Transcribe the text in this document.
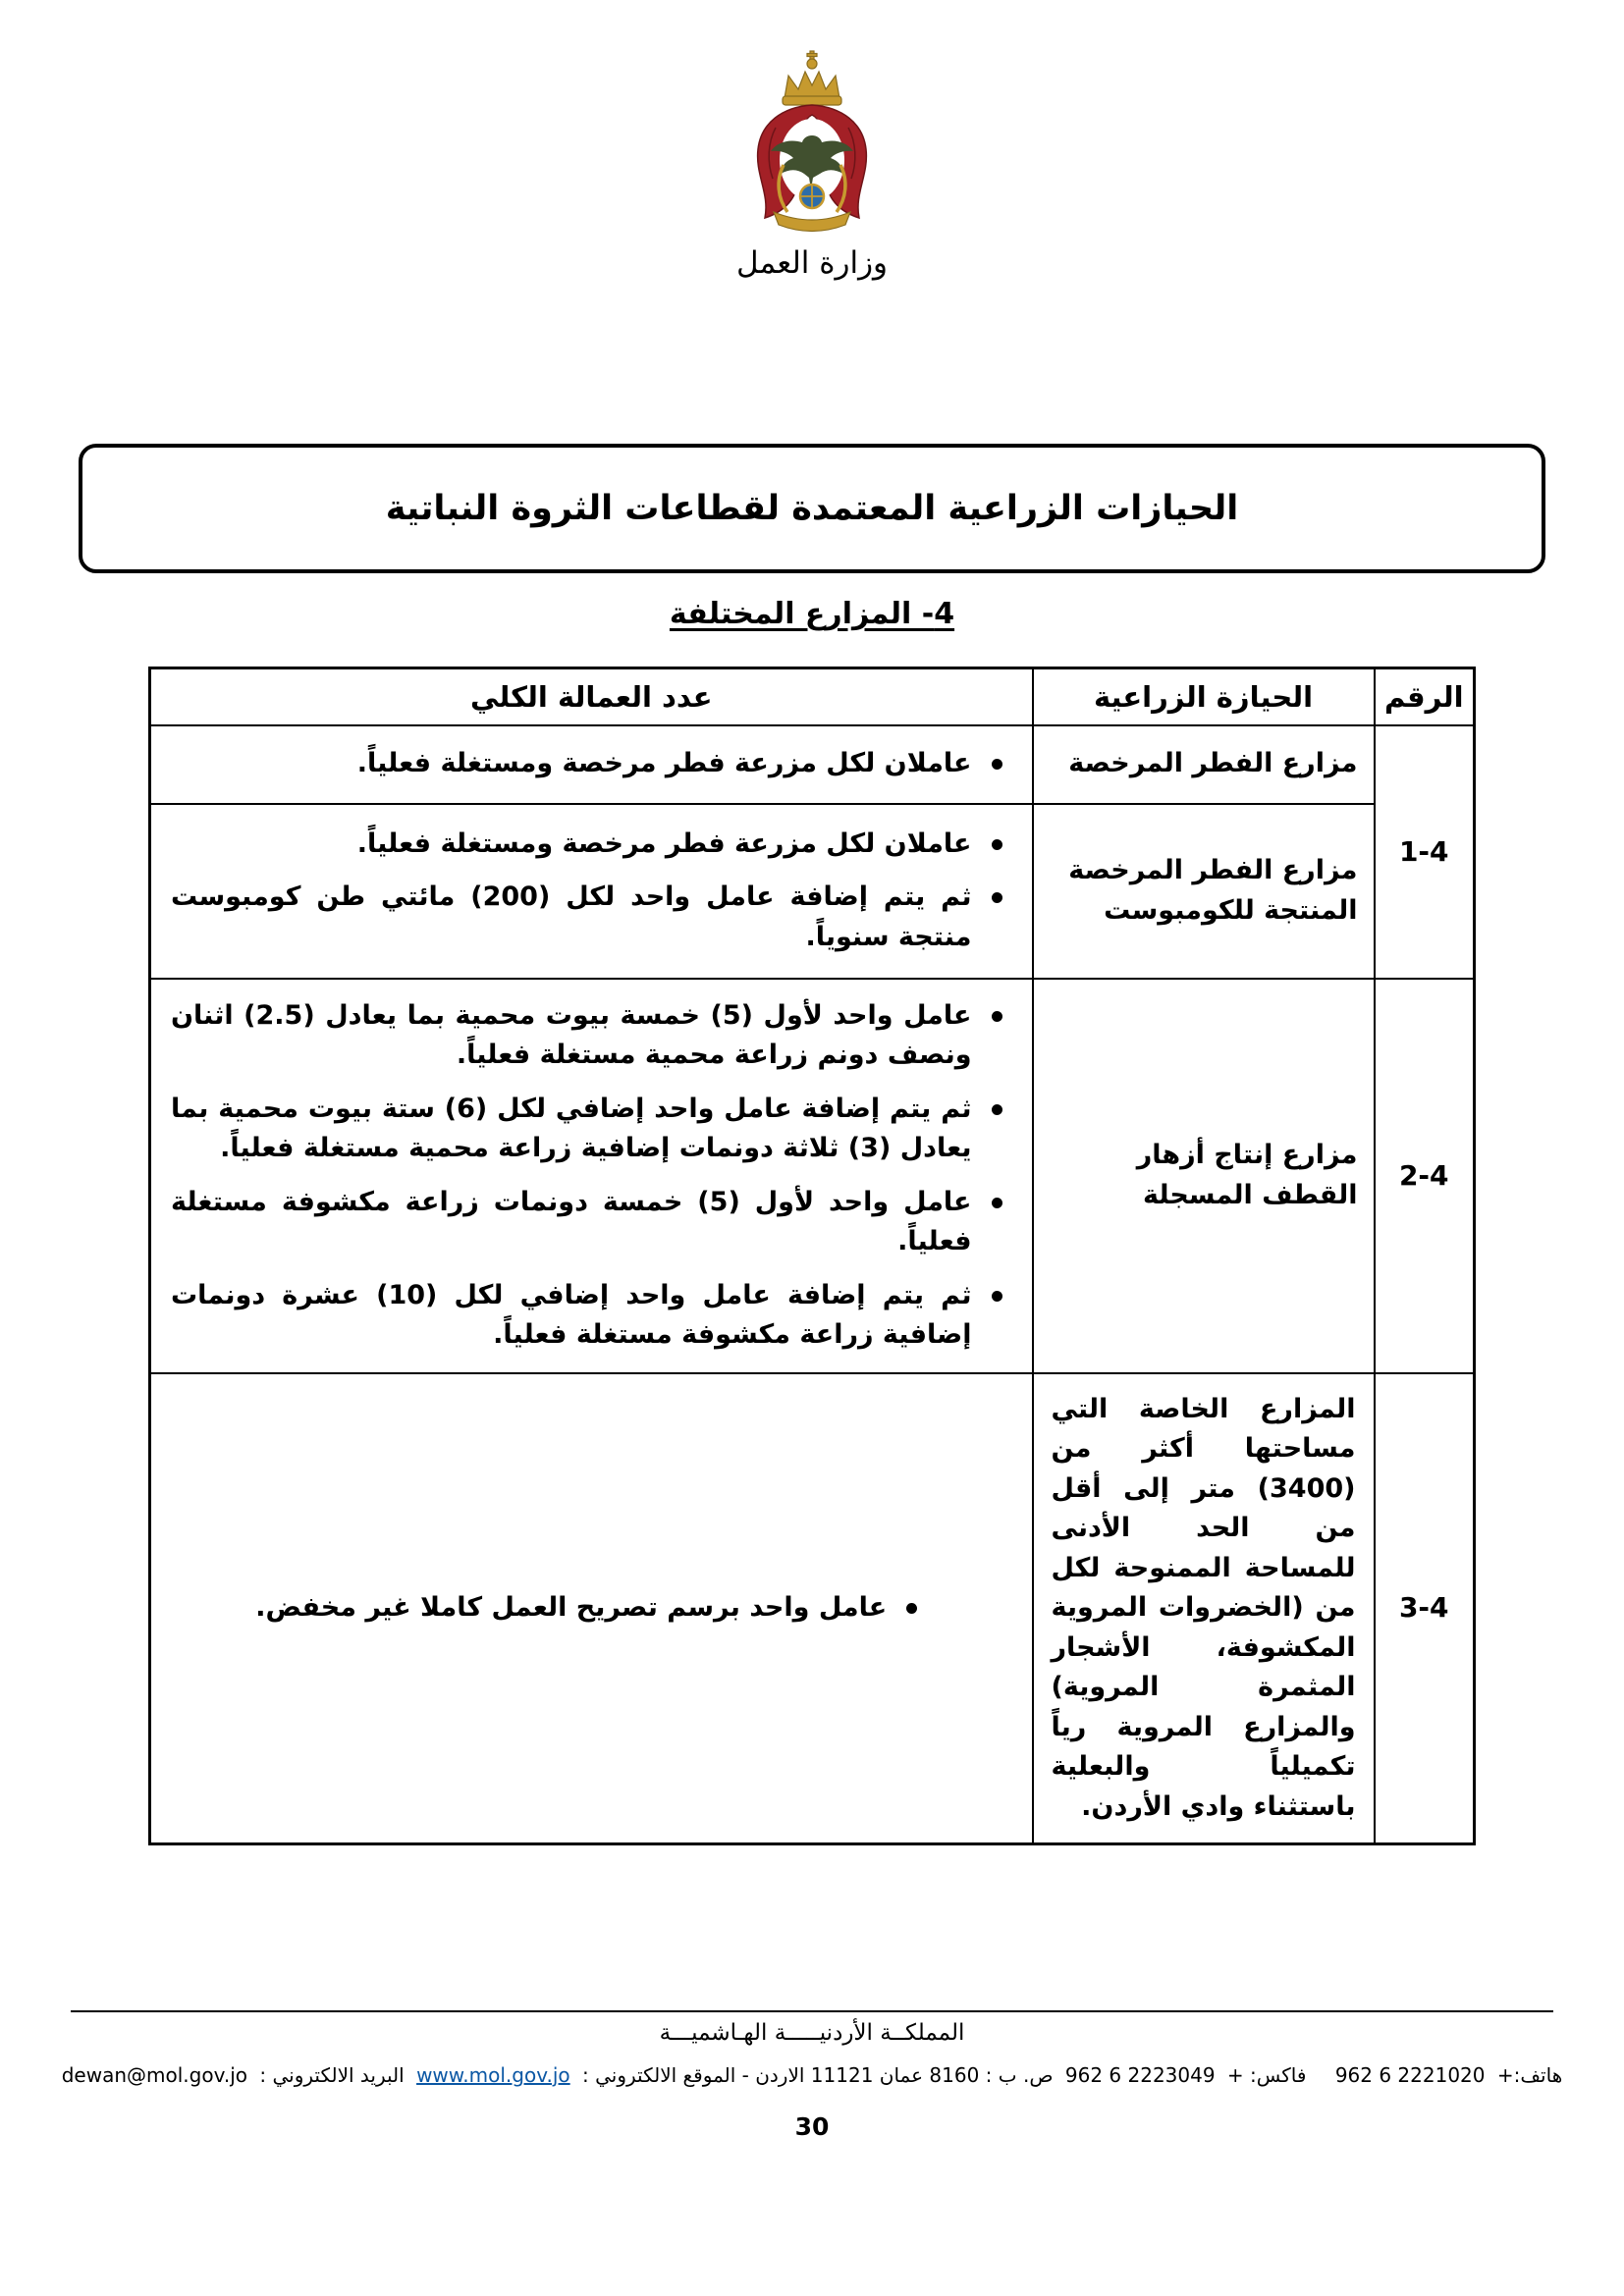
وزارة العمل
الحيازات الزراعية المعتمدة لقطاعات الثروة النباتية
4- المزارع المختلفة
الرقم	الحيازة الزراعية	عدد العمالة الكلي
1-4	مزارع الفطر المرخصة	عاملان لكل مزرعة فطر مرخصة ومستغلة فعلياً.

	مزارع الفطر المرخصة المنتجة للكومبوست	عاملان لكل مزرعة فطر مرخصة ومستغلة فعلياً.
ثم يتم إضافة عامل واحد لكل (200) مائتي طن كومبوست منتجة سنوياً.

2-4	مزارع إنتاج أزهار القطف المسجلة	عامل واحد لأول (5) خمسة بيوت محمية بما يعادل (2.5) اثنان ونصف دونم زراعة محمية مستغلة فعلياً.
ثم يتم إضافة عامل واحد إضافي لكل (6) ستة بيوت محمية بما يعادل (3) ثلاثة دونمات إضافية زراعة محمية مستغلة فعلياً.
عامل واحد لأول (5) خمسة دونمات زراعة مكشوفة مستغلة فعلياً.
ثم يتم إضافة عامل واحد إضافي لكل (10) عشرة دونمات إضافية زراعة مكشوفة مستغلة فعلياً.

3-4	المزارع الخاصة التي مساحتها أكثر من (3400) متر إلى أقل من الحد الأدنى للمساحة الممنوحة لكل من (الخضروات المروية المكشوفة، الأشجار المثمرة المروية) والمزارع المروية رياً تكميلياً والبعلية باستثناء وادي الأردن.	عامل واحد برسم تصريح العمل كاملا غير مخفض.
المملكــة الأردنيـــــة الهـاشميـــة
هاتف:+ 962 6 2221020 فاكس: + 962 6 2223049 ص. ب : 8160 عمان 11121 الاردن - الموقع الالكتروني : www.mol.gov.jo البريد الالكتروني : dewan@mol.gov.jo
30
